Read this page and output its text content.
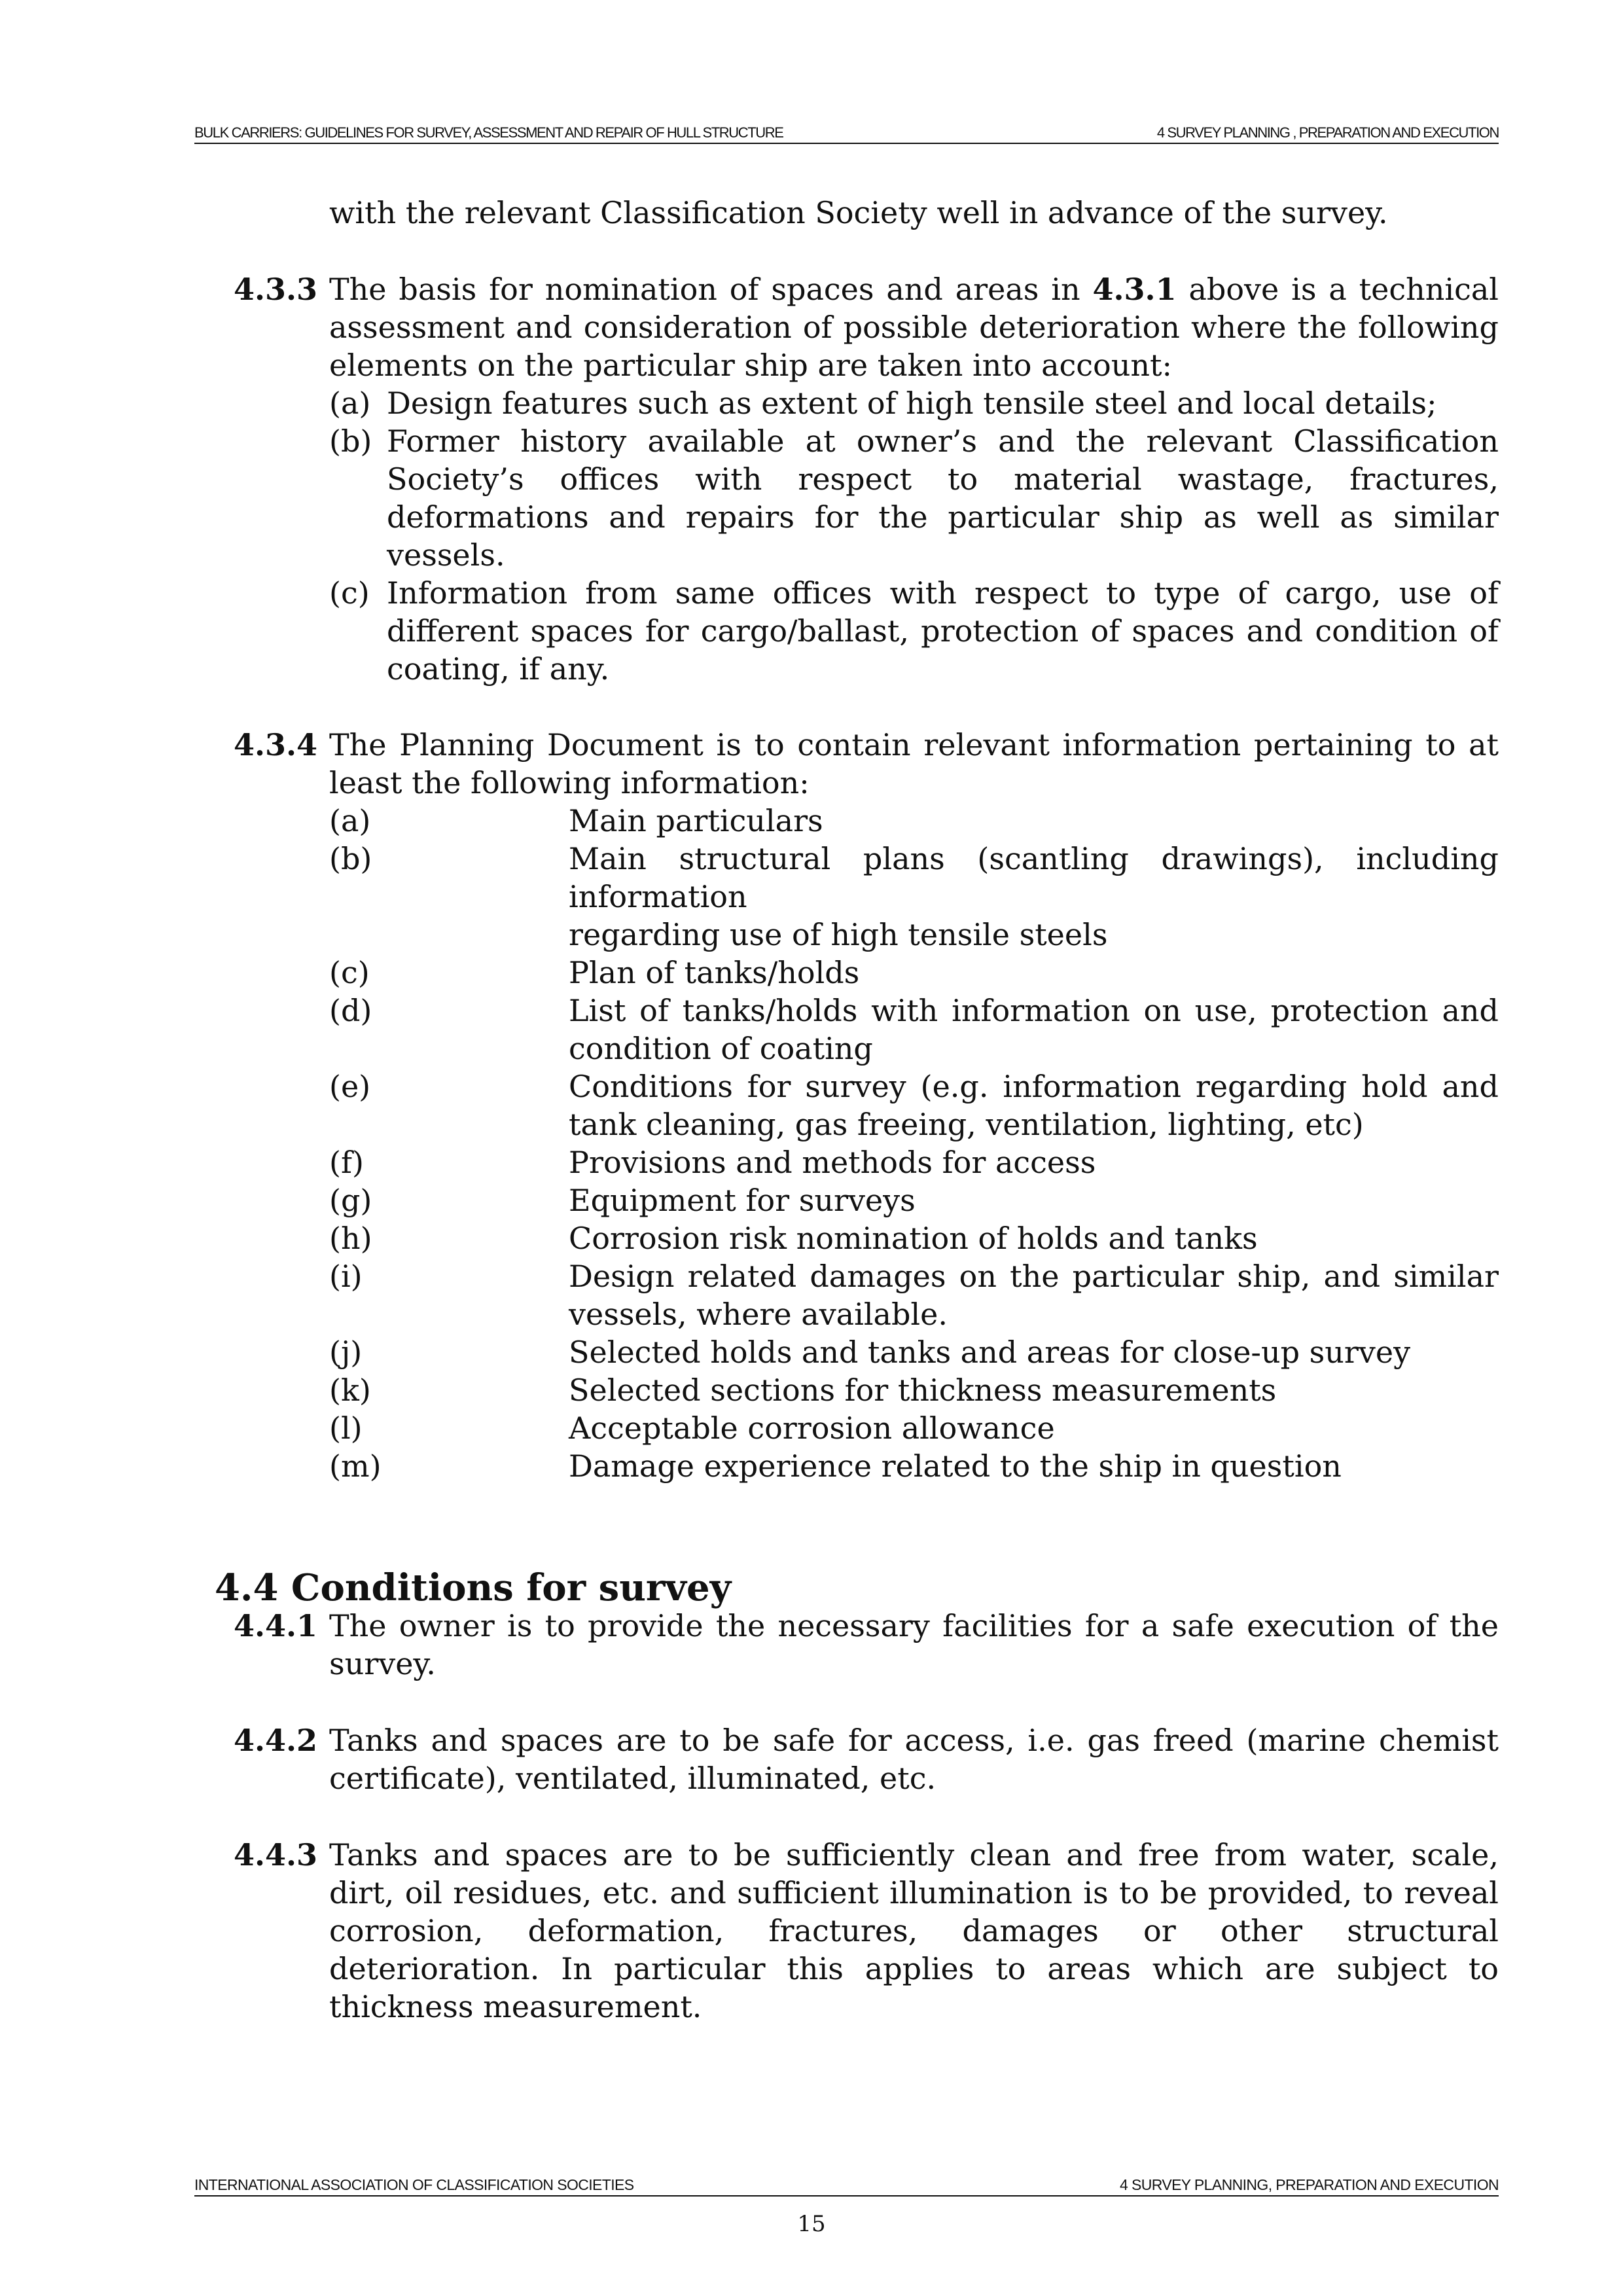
BULK CARRIERS: GUIDELINES FOR SURVEY, ASSESSMENT AND REPAIR OF HULL STRUCTURE	4 SURVEY PLANNING , PREPARATION AND EXECUTION
with the relevant Classification Society well in advance of the survey.
4.3.3 The basis for nomination of spaces and areas in 4.3.1 above is a technical assessment and consideration of possible deterioration where the following elements on the particular ship are taken into account:
(a) Design features such as extent of high tensile steel and local details;
(b) Former history available at owner’s and the relevant Classification Society’s offices with respect to material wastage, fractures, deformations and repairs for the particular ship as well as similar vessels.
(c) Information from same offices with respect to type of cargo, use of different spaces for cargo/ballast, protection of spaces and condition of coating, if any.
4.3.4 The Planning Document is to contain relevant information pertaining to at least the following information:
(a)	Main particulars
(b)	Main structural plans (scantling drawings), including information
regarding use of high tensile steels
(c)	Plan of tanks/holds
(d)	List of tanks/holds with information on use, protection and condition of coating
(e)	Conditions for survey (e.g. information regarding hold and tank cleaning, gas freeing, ventilation, lighting, etc)
(f)	Provisions and methods for access
(g)	Equipment for surveys
(h)	Corrosion risk nomination of holds and tanks
(i)	Design related damages on the particular ship, and similar vessels, where available.
(j)	Selected holds and tanks and areas for close-up survey
(k)	Selected sections for thickness measurements
(l)	Acceptable corrosion allowance
(m)	Damage experience related to the ship in question
4.4 Conditions for survey
4.4.1 The owner is to provide the necessary facilities for a safe execution of the survey.
4.4.2 Tanks and spaces are to be safe for access, i.e. gas freed (marine chemist certificate), ventilated, illuminated, etc.
4.4.3 Tanks and spaces are to be sufficiently clean and free from water, scale, dirt, oil residues, etc. and sufficient illumination is to be provided, to reveal corrosion, deformation, fractures, damages or other structural deterioration. In particular this applies to areas which are subject to thickness measurement.
INTERNATIONAL ASSOCIATION OF CLASSIFICATION SOCIETIES	4 SURVEY PLANNING, PREPARATION AND EXECUTION
15
